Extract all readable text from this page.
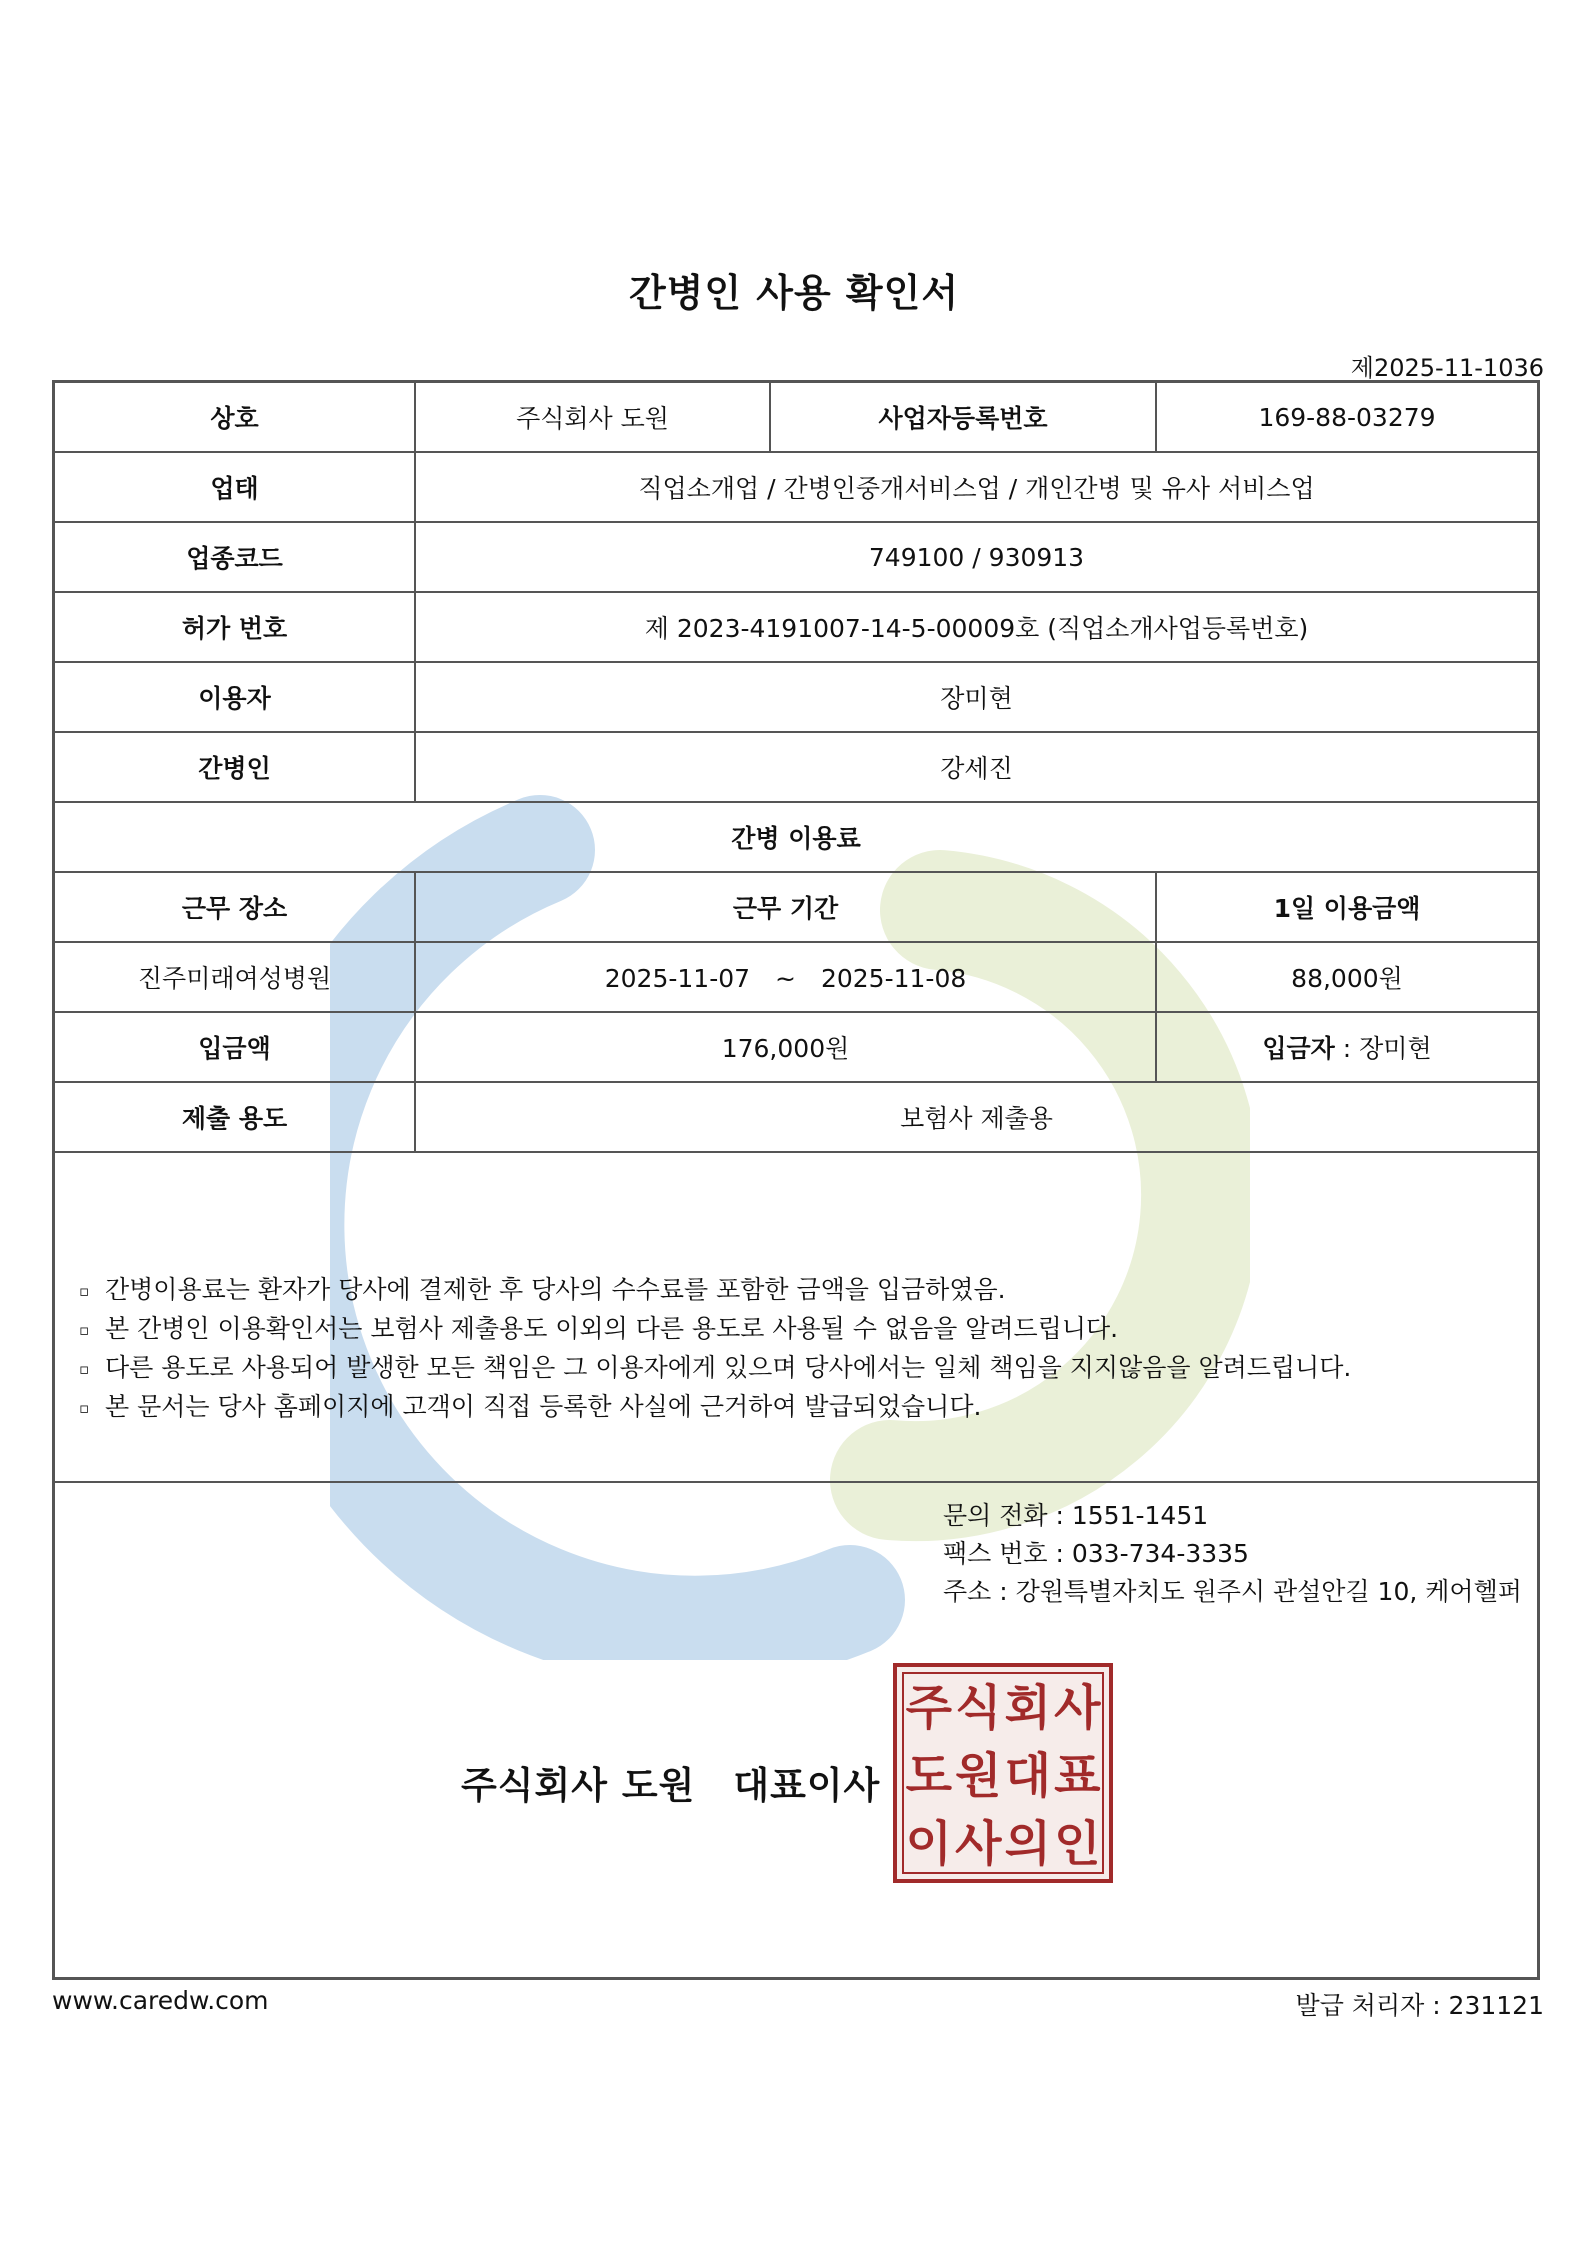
간병인 사용 확인서
제2025-11-1036
상호	주식회사 도원	사업자등록번호	169-88-03279
업태	직업소개업 / 간병인중개서비스업 / 개인간병 및 유사 서비스업		
업종코드	749100 / 930913		
허가 번호	제 2023-4191007-14-5-00009호 (직업소개사업등록번호)		
이용자	장미현		
간병인	강세진		
간병 이용료			
근무 장소	근무 기간		1일 이용금액
진주미래여성병원	2025-11-07　~　2025-11-08		88,000원
입금액	176,000원		입금자 : 장미현
제출 용도	보험사 제출용		
▫ 간병이용료는 환자가 당사에 결제한 후 당사의 수수료를 포함한 금액을 입금하였음.
▫ 본 간병인 이용확인서는 보험사 제출용도 이외의 다른 용도로 사용될 수 없음을 알려드립니다.
▫ 다른 용도로 사용되어 발생한 모든 책임은 그 이용자에게 있으며 당사에서는 일체 책임을 지지않음을 알려드립니다.
▫ 본 문서는 당사 홈페이지에 고객이 직접 등록한 사실에 근거하여 발급되었습니다.
문의 전화 : 1551-1451
팩스 번호 : 033-734-3335
주소 : 강원특별자치도 원주시 관설안길 10, 케어헬퍼
주식회사 도원　대표이사
주 식 회 사
도 원 대 표
이 사 의 인
www.caredw.com	발급 처리자 : 231121
